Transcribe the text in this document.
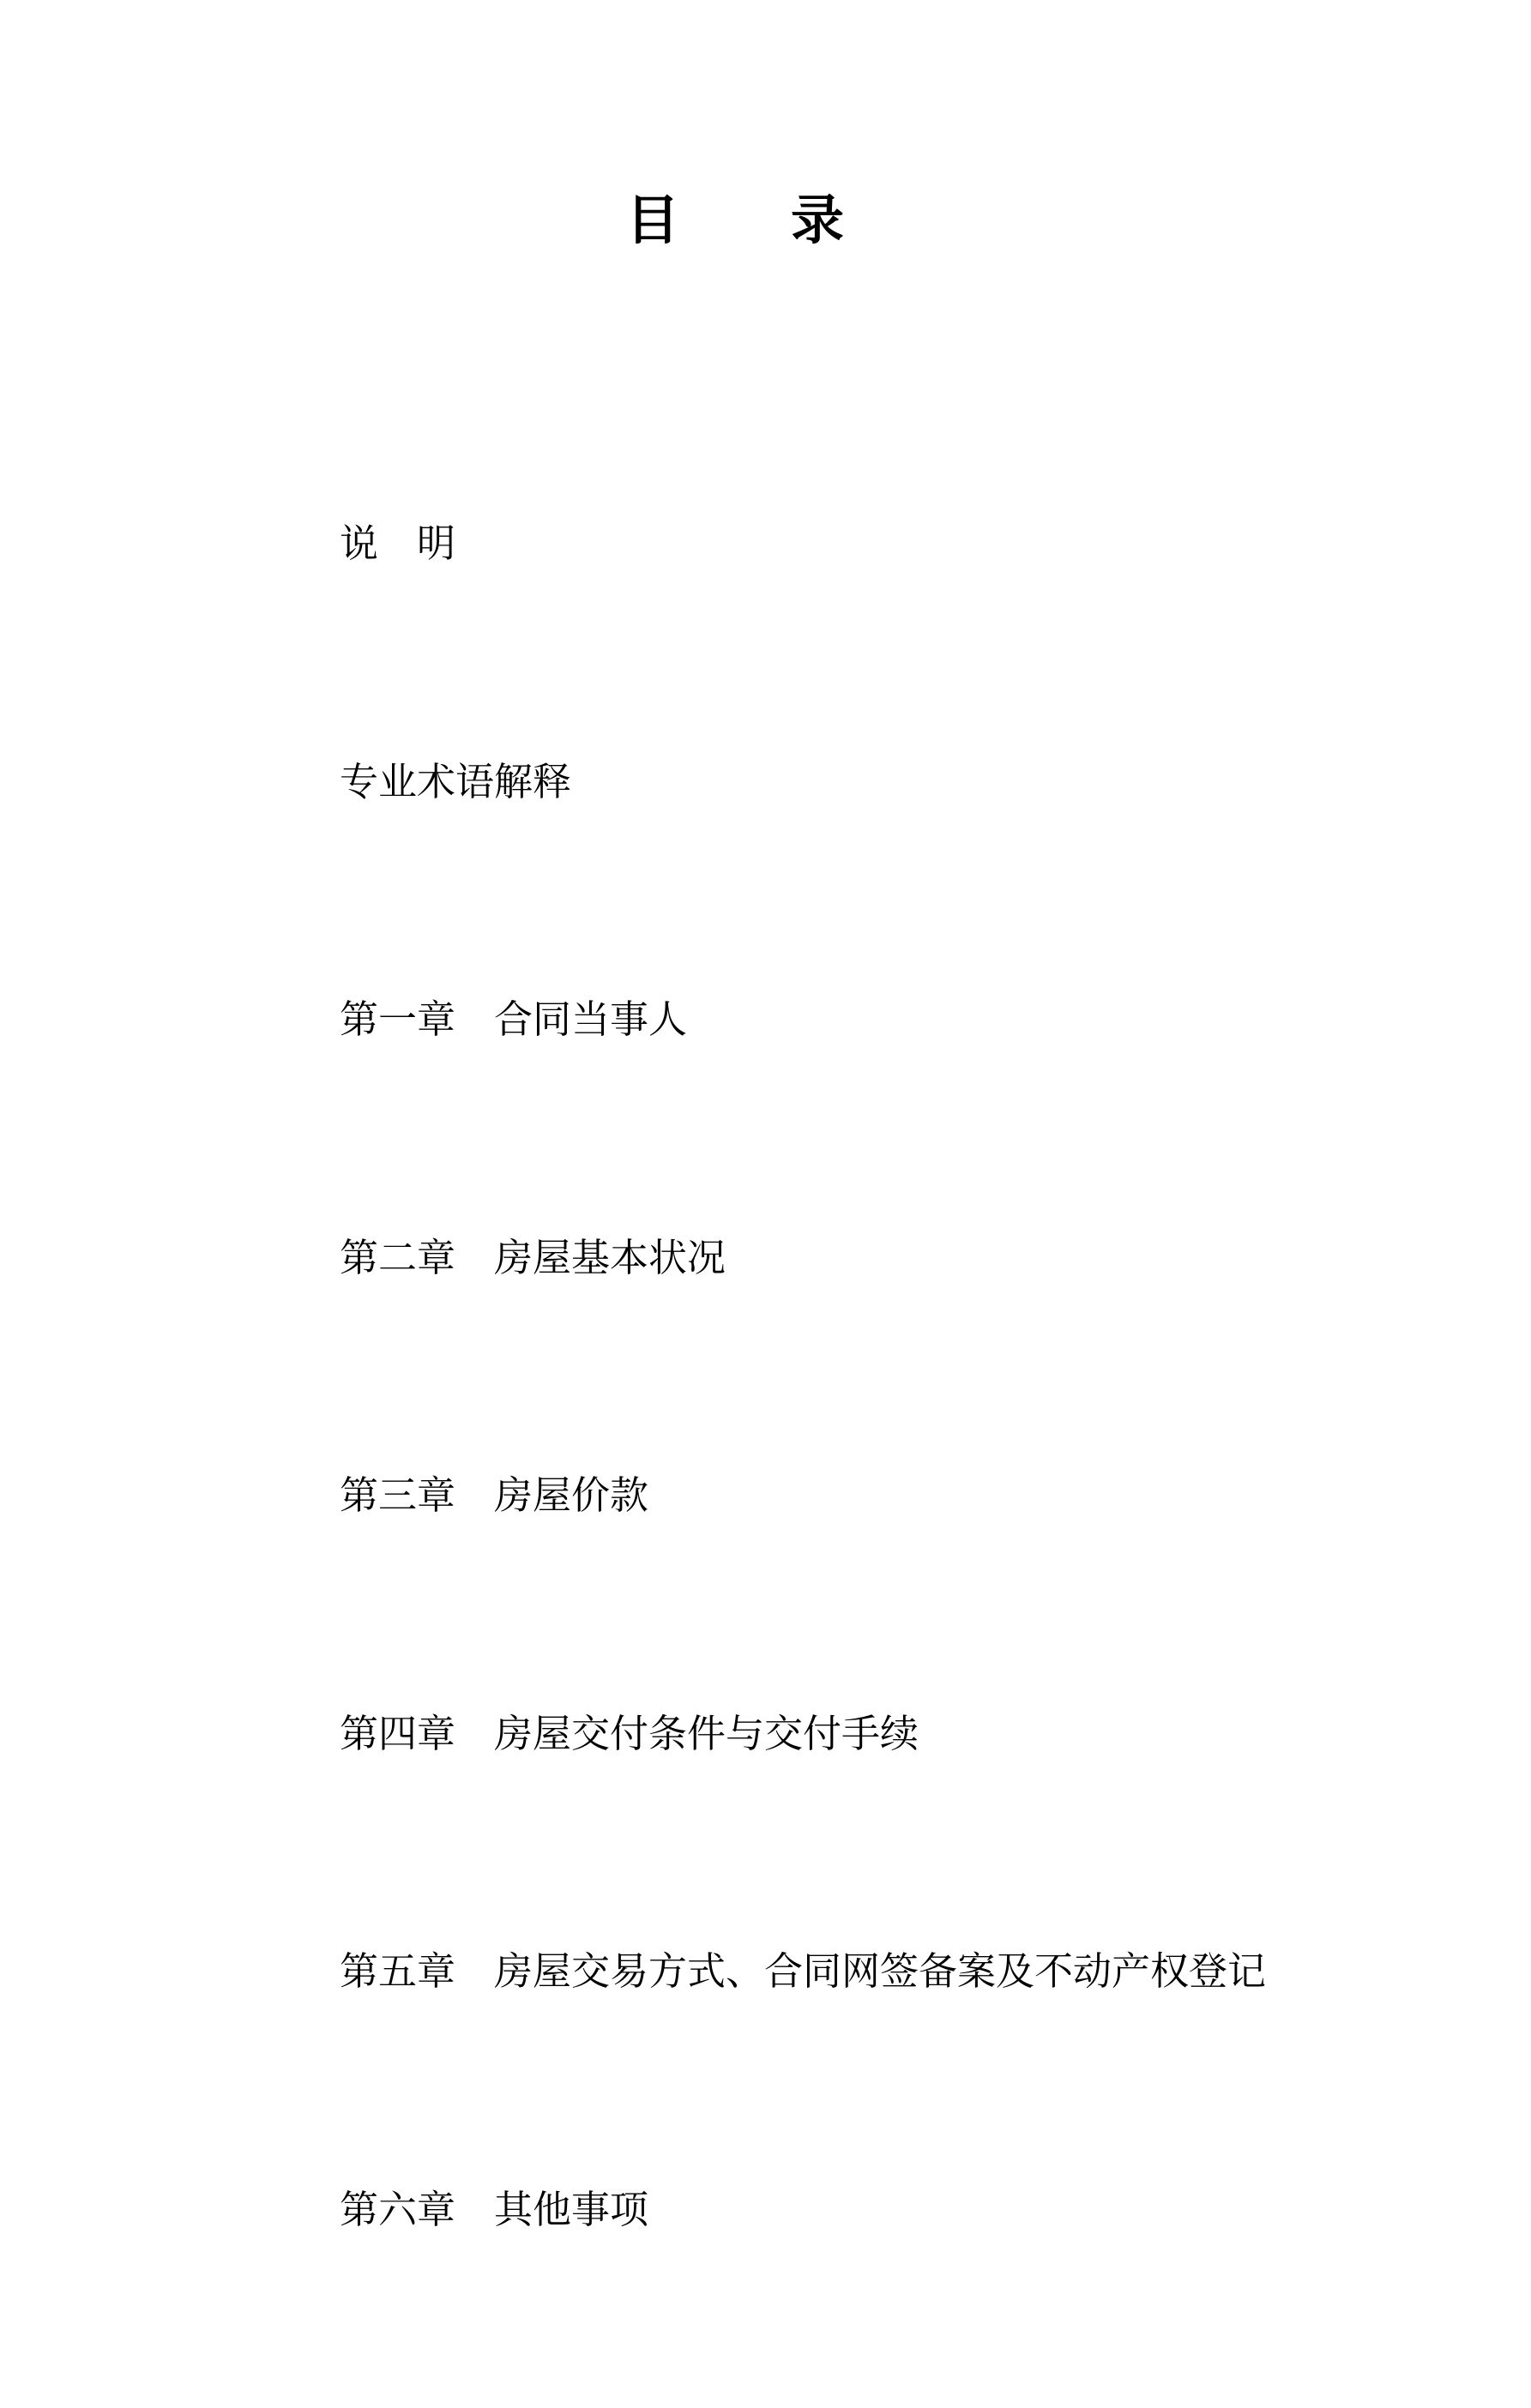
目　　录

说　明

专业术语解释

第一章　合同当事人

第二章　房屋基本状况

第三章　房屋价款

第四章　房屋交付条件与交付手续

第五章　房屋交易方式、合同网签备案及不动产权登记

第六章　其他事项
